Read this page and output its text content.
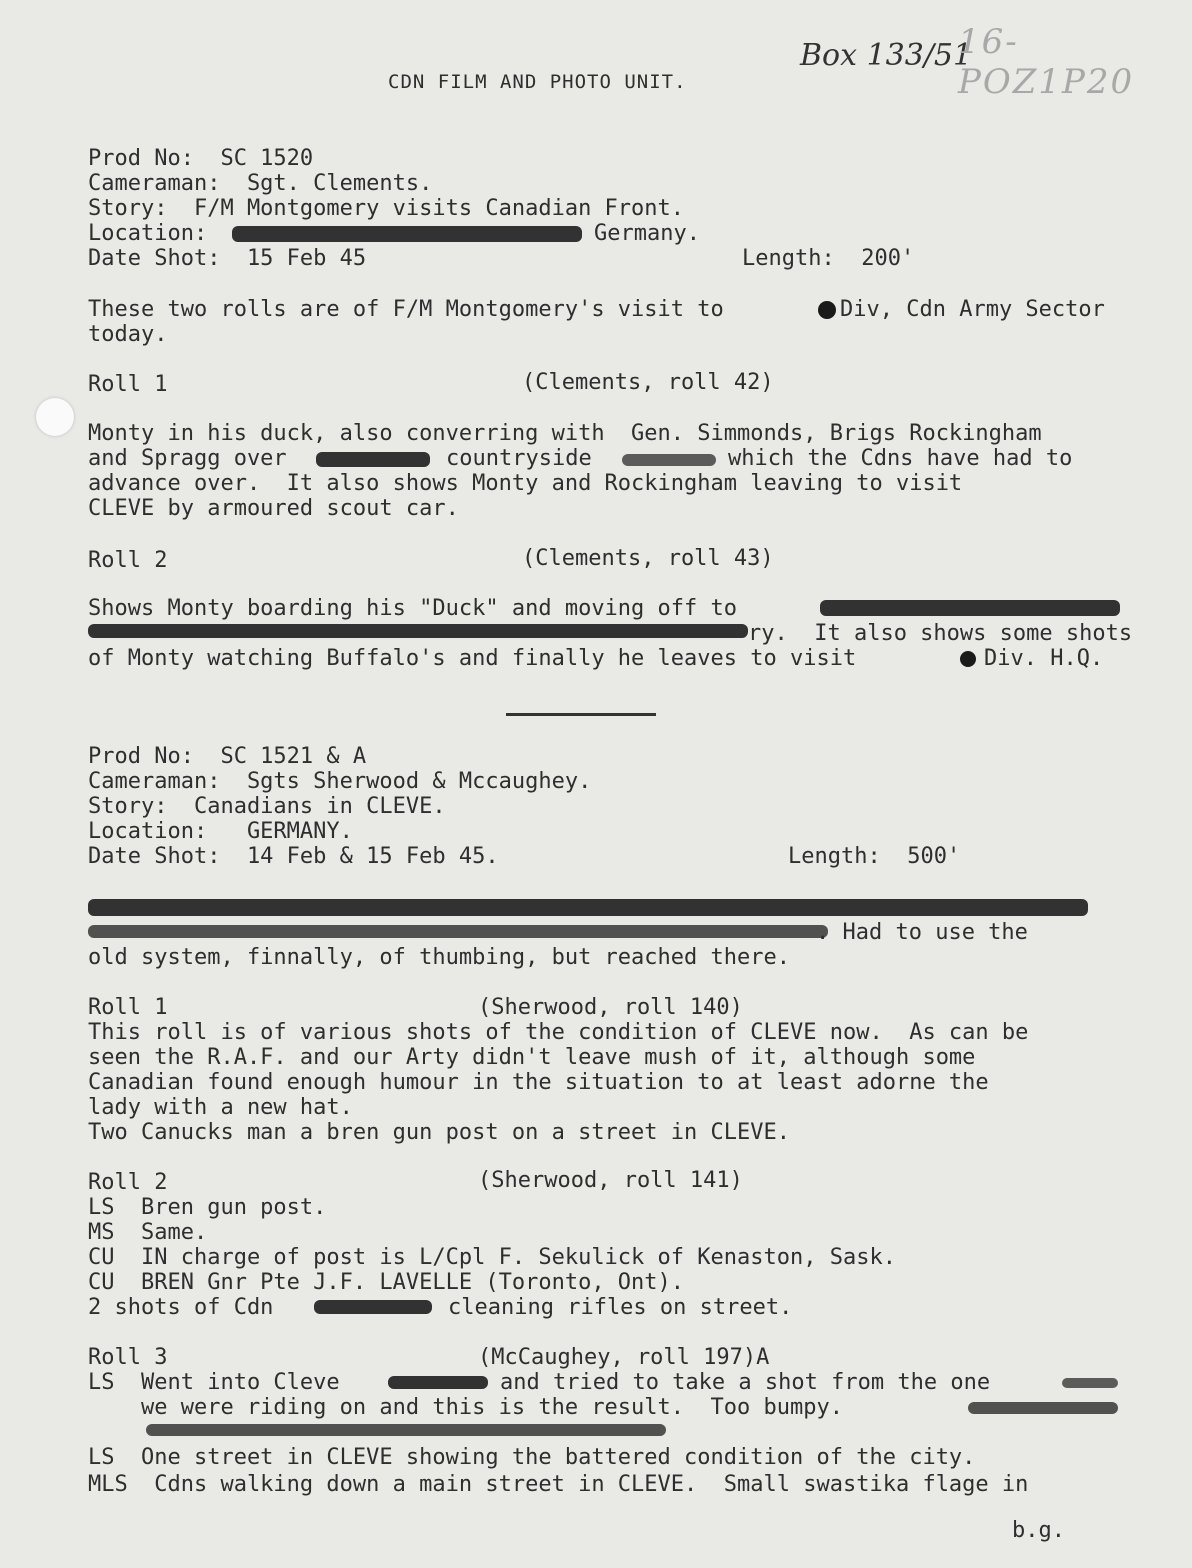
Box 133/51
16-POZ1P20
CDN FILM AND PHOTO UNIT.
Prod No:  SC 1520
Cameraman:  Sgt. Clements.
Story:  F/M Montgomery visits Canadian Front.
Location:	Germany.
Date Shot:  15 Feb 45	Length:  200'
These two rolls are of F/M Montgomery's visit to	Div, Cdn Army Sector
today.
Roll 1	(Clements, roll 42)
Monty in his duck, also converring with  Gen. Simmonds, Brigs Rockingham
and Spragg over	countryside	which the Cdns have had to
advance over.  It also shows Monty and Rockingham leaving to visit
CLEVE by armoured scout car.
Roll 2	(Clements, roll 43)
Shows Monty boarding his "Duck" and moving off to
ry.  It also shows some shots
of Monty watching Buffalo's and finally he leaves to visit	Div. H.Q.
Prod No:  SC 1521 & A
Cameraman:  Sgts Sherwood & Mccaughey.
Story:  Canadians in CLEVE.
Location:   GERMANY.
Date Shot:  14 Feb & 15 Feb 45.	Length:  500'
. Had to use the
old system, finnally, of thumbing, but reached there.
Roll 1	(Sherwood, roll 140)
This roll is of various shots of the condition of CLEVE now.  As can be
seen the R.A.F. and our Arty didn't leave mush of it, although some
Canadian found enough humour in the situation to at least adorne the
lady with a new hat.
Two Canucks man a bren gun post on a street in CLEVE.
Roll 2	(Sherwood, roll 141)
LS  Bren gun post.
MS  Same.
CU  IN charge of post is L/Cpl F. Sekulick of Kenaston, Sask.
CU  BREN Gnr Pte J.F. LAVELLE (Toronto, Ont).
2 shots of Cdn	cleaning rifles on street.
Roll 3	(McCaughey, roll 197)A
LS  Went into Cleve	and tried to take a shot from the one
we were riding on and this is the result.  Too bumpy.
LS  One street in CLEVE showing the battered condition of the city.
MLS  Cdns walking down a main street in CLEVE.  Small swastika flage in
b.g.
